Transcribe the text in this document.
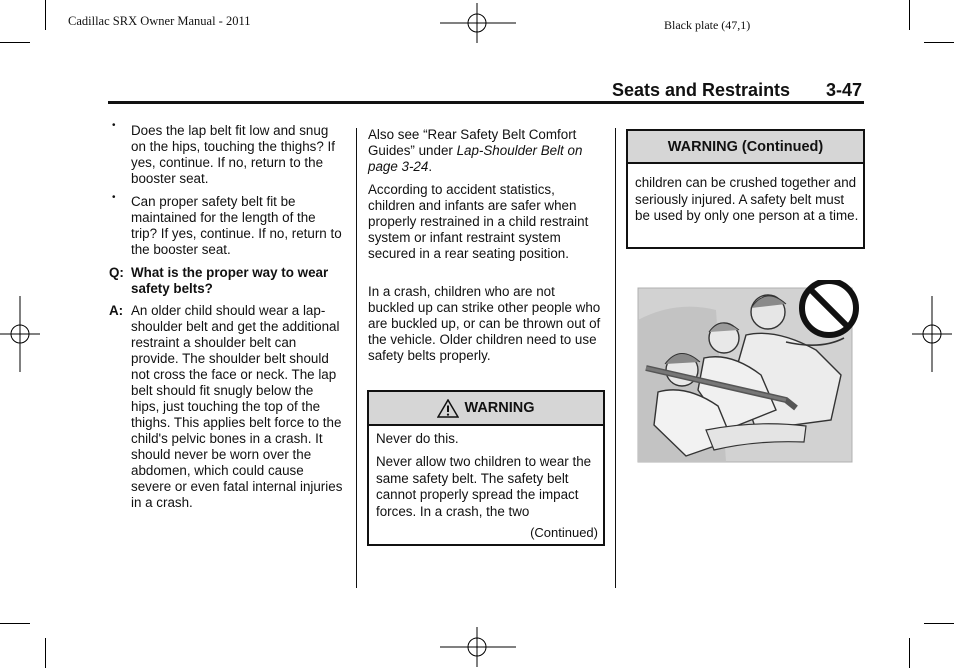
Cadillac SRX Owner Manual - 2011	Black plate (47,1)
Seats and Restraints 3-47
• Does the lap belt fit low and snug on the hips, touching the thighs? If yes, continue. If no, return to the booster seat.
• Can proper safety belt fit be maintained for the length of the trip? If yes, continue. If no, return to the booster seat.
Q: What is the proper way to wear safety belts?
A: An older child should wear a lap-shoulder belt and get the additional restraint a shoulder belt can provide. The shoulder belt should not cross the face or neck. The lap belt should fit snugly below the hips, just touching the top of the thighs. This applies belt force to the child's pelvic bones in a crash. It should never be worn over the abdomen, which could cause severe or even fatal internal injuries in a crash.
Also see “Rear Safety Belt Comfort Guides” under Lap-Shoulder Belt on page 3-24.
According to accident statistics, children and infants are safer when properly restrained in a child restraint system or infant restraint system secured in a rear seating position.
In a crash, children who are not buckled up can strike other people who are buckled up, or can be thrown out of the vehicle. Older children need to use safety belts properly.
WARNING
Never do this.
Never allow two children to wear the same safety belt. The safety belt cannot properly spread the impact forces. In a crash, the two
(Continued)
WARNING (Continued)
children can be crushed together and seriously injured. A safety belt must be used by only one person at a time.
